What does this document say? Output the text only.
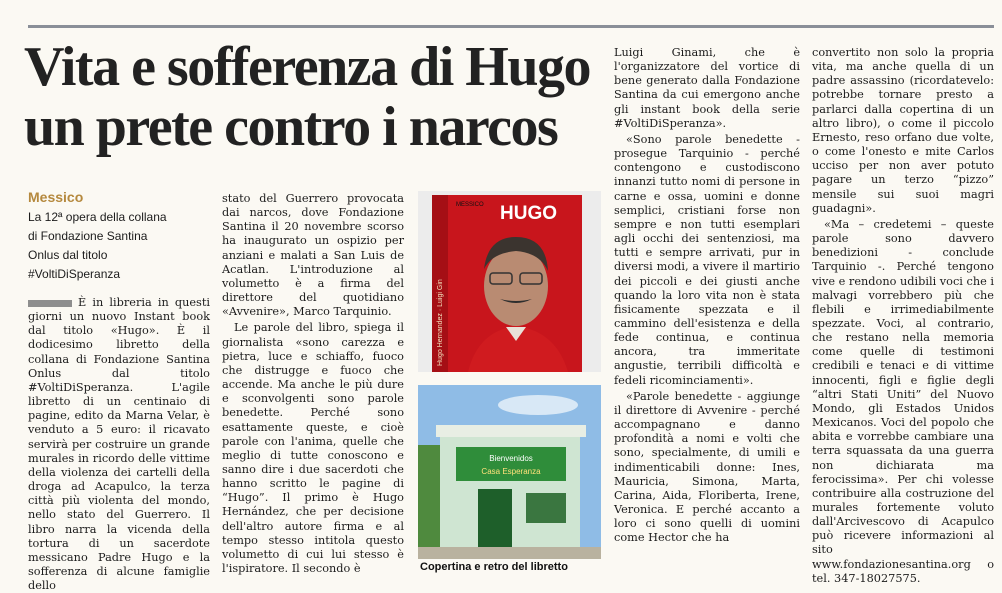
Vita e sofferenza di Hugo
un prete contro i narcos
Messico
La 12ª opera della collana
di Fondazione Santina
Onlus dal titolo
#VoltiDiSperanza

È in libreria in questi giorni un nuovo Instant book dal titolo «Hugo». È il dodicesimo libretto della collana di Fondazione Santina Onlus dal titolo #VoltiDiSperanza. L'agile libretto di un centinaio di pagine, edito da Marna Velar, è venduto a 5 euro: il ricavato servirà per costruire un grande murales in ricordo delle vittime della violenza dei cartelli della droga ad Acapulco, la terza città più violenta del mondo, nello stato del Guerrero. Il libro narra la vicenda della tortura di un sacerdote messicano Padre Hugo e la sofferenza di alcune famiglie dello

stato del Guerrero provocata dai narcos, dove Fondazione Santina il 20 novembre scorso ha inaugurato un ospizio per anziani e malati a San Luis de Acatlan. L'introduzione al volumetto è a firma del direttore del quotidiano «Avvenire», Marco Tarquinio.

Le parole del libro, spiega il giornalista «sono carezza e pietra, luce e schiaffo, fuoco che distrugge e fuoco che accende. Ma anche le più dure e sconvolgenti sono parole benedette. Perché sono esattamente queste, e cioè parole con l'anima, quelle che meglio di tutte conoscono e sanno dire i due sacerdoti che hanno scritto le pagine di “Hugo”. Il primo è Hugo Hernández, che per decisione dell'altro autore firma e al tempo stesso intitola questo volumetto di cui lui stesso è l'ispiratore. Il secondo è

Hugo Hernandez · Luigi Gin
MESSICO HUGO
Bienvenidos
Casa Esperanza
Copertina e retro del libretto

Luigi Ginami, che è l'organizzatore del vortice di bene generato dalla Fondazione Santina da cui emergono anche gli instant book della serie #VoltiDiSperanza».

«Sono parole benedette - prosegue Tarquinio - perché contengono e custodiscono innanzi tutto nomi di persone in carne e ossa, uomini e donne semplici, cristiani forse non sempre e non tutti esemplari agli occhi dei sentenziosi, ma tutti e sempre arrivati, pur in diversi modi, a vivere il martirio dei piccoli e dei giusti anche quando la loro vita non è stata fisicamente spezzata e il cammino dell'esistenza e della fede continua, e continua ancora, tra immeritate angustie, terribili difficoltà e fedeli ricominciamenti».

«Parole benedette - aggiunge il direttore di Avvenire - perché accompagnano e danno profondità a nomi e volti che sono, specialmente, di umili e indimenticabili donne: Ines, Mauricia, Simona, Marta, Carina, Aida, Floriberta, Irene, Veronica. E perché accanto a loro ci sono quelli di uomini come Hector che ha

convertito non solo la propria vita, ma anche quella di un padre assassino (ricordatevelo: potrebbe tornare presto a parlarci dalla copertina di un altro libro), o come il piccolo Ernesto, reso orfano due volte, o come l'onesto e mite Carlos ucciso per non aver potuto pagare un terzo “pizzo” mensile sui suoi magri guadagni».

«Ma – credetemi – queste parole sono davvero benedizioni - conclude Tarquinio -. Perché tengono vive e rendono udibili voci che i malvagi vorrebbero più che flebili e irrimediabilmente spezzate. Voci, al contrario, che restano nella memoria come quelle di testimoni credibili e tenaci e di vittime innocenti, figli e figlie degli “altri Stati Uniti” del Nuovo Mondo, gli Estados Unidos Mexicanos. Voci del popolo che abita e vorrebbe cambiare una terra squassata da una guerra non dichiarata ma ferocissima». Per chi volesse contribuire alla costruzione del murales fortemente voluto dall'Arcivescovo di Acapulco può ricevere informazioni al sito www.fondazionesantina.org o tel. 347-18027575.
